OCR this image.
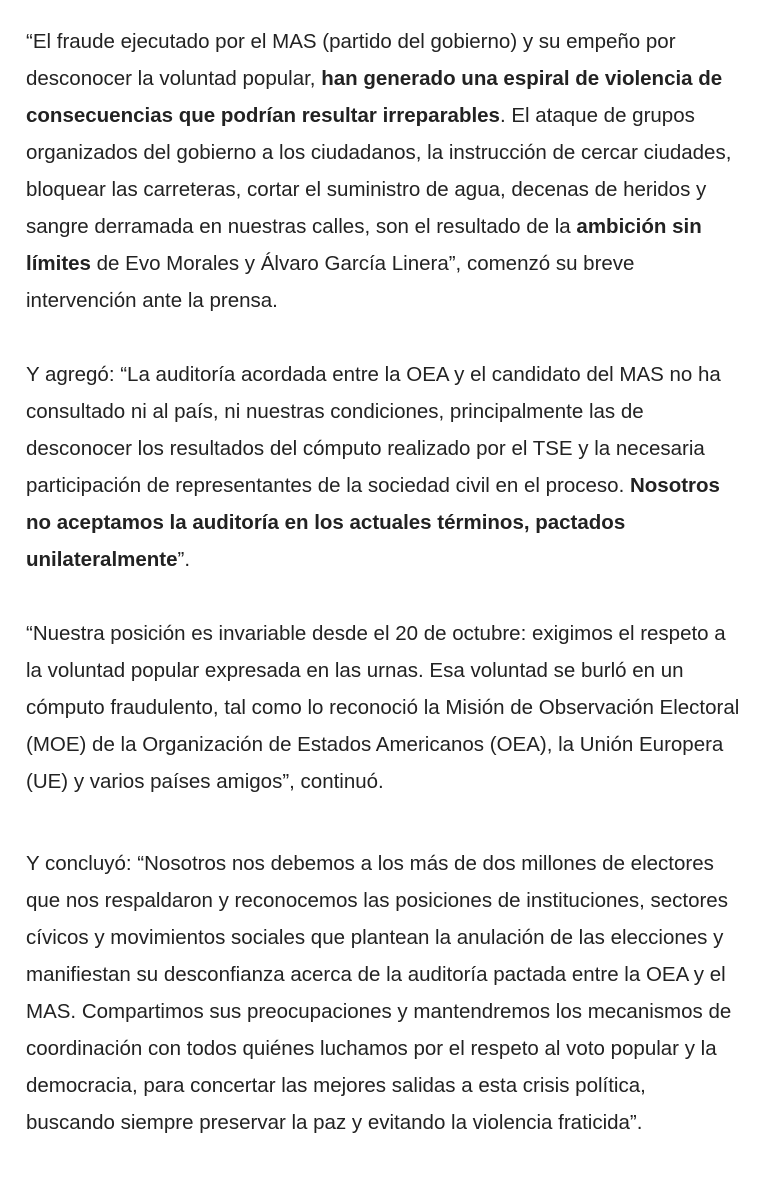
“El fraude ejecutado por el MAS (partido del gobierno) y su empeño por desconocer la voluntad popular, han generado una espiral de violencia de consecuencias que podrían resultar irreparables. El ataque de grupos organizados del gobierno a los ciudadanos, la instrucción de cercar ciudades, bloquear las carreteras, cortar el suministro de agua, decenas de heridos y sangre derramada en nuestras calles, son el resultado de la ambición sin límites de Evo Morales y Álvaro García Linera”, comenzó su breve intervención ante la prensa.

Y agregó: “La auditoría acordada entre la OEA y el candidato del MAS no ha consultado ni al país, ni nuestras condiciones, principalmente las de desconocer los resultados del cómputo realizado por el TSE y la necesaria participación de representantes de la sociedad civil en el proceso. Nosotros no aceptamos la auditoría en los actuales términos, pactados unilateralmente”.

“Nuestra posición es invariable desde el 20 de octubre: exigimos el respeto a la voluntad popular expresada en las urnas. Esa voluntad se burló en un cómputo fraudulento, tal como lo reconoció la Misión de Observación Electoral (MOE) de la Organización de Estados Americanos (OEA), la Unión Europera (UE) y varios países amigos”, continuó.

Y concluyó: “Nosotros nos debemos a los más de dos millones de electores que nos respaldaron y reconocemos las posiciones de instituciones, sectores cívicos y movimientos sociales que plantean la anulación de las elecciones y manifiestan su desconfianza acerca de la auditoría pactada entre la OEA y el MAS. Compartimos sus preocupaciones y mantendremos los mecanismos de coordinación con todos quiénes luchamos por el respeto al voto popular y la democracia, para concertar las mejores salidas a esta crisis política, buscando siempre preservar la paz y evitando la violencia fraticida”.
